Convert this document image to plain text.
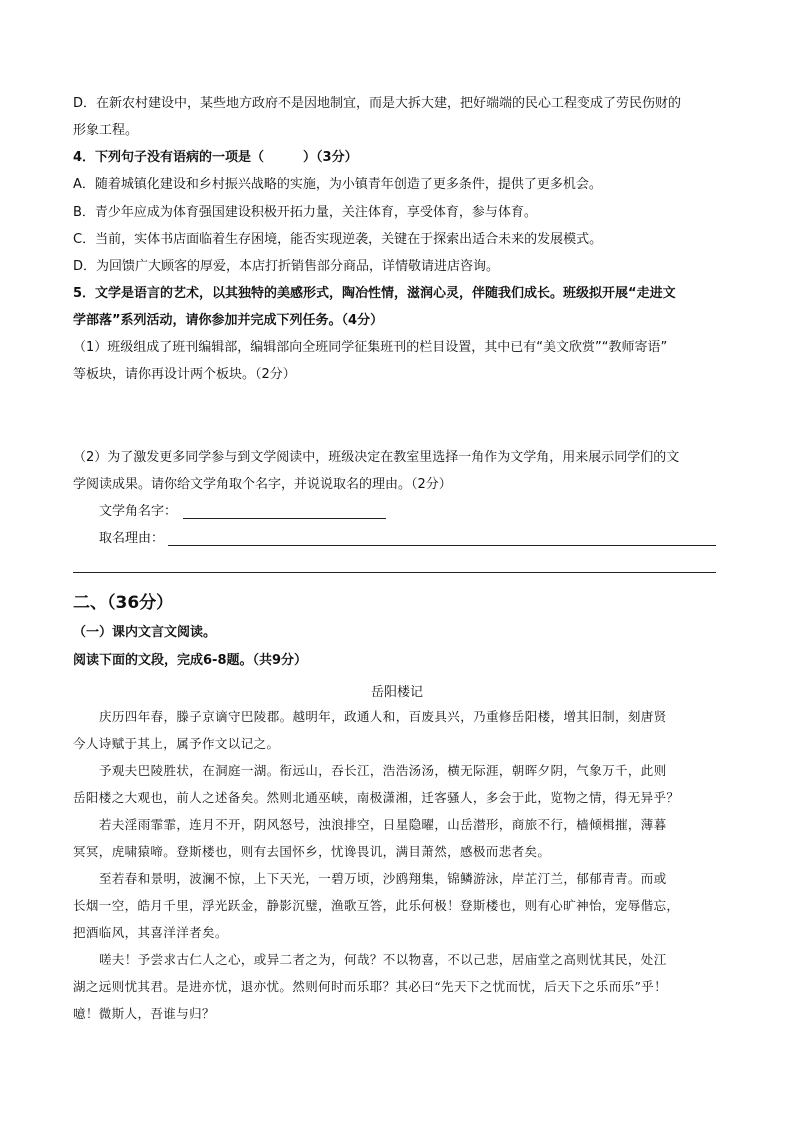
D．在新农村建设中，某些地方政府不是因地制宜，而是大拆大建，把好端端的民心工程变成了劳民伤财的
形象工程。
4．下列句子没有语病的一项是（　　　）（3分）
A．随着城镇化建设和乡村振兴战略的实施，为小镇青年创造了更多条件，提供了更多机会。
B．青少年应成为体育强国建设积极开拓力量，关注体育，享受体育，参与体育。
C．当前，实体书店面临着生存困境，能否实现逆袭，关键在于探索出适合未来的发展模式。
D．为回馈广大顾客的厚爱，本店打折销售部分商品，详情敬请进店咨询。
5．文学是语言的艺术，以其独特的美感形式，陶冶性情，滋润心灵，伴随我们成长。班级拟开展“走进文
学部落”系列活动，请你参加并完成下列任务。（4分）
（1）班级组成了班刊编辑部，编辑部向全班同学征集班刊的栏目设置，其中已有“美文欣赏”“教师寄语”
等板块，请你再设计两个板块。（2分）
（2）为了激发更多同学参与到文学阅读中，班级决定在教室里选择一角作为文学角，用来展示同学们的文
学阅读成果。请你给文学角取个名字，并说说取名的理由。（2分）
文学角名字：
取名理由：
二、（36分）
（一）课内文言文阅读。
阅读下面的文段，完成6-8题。（共9分）
岳阳楼记
庆历四年春，滕子京谪守巴陵郡。越明年，政通人和，百废具兴，乃重修岳阳楼，增其旧制，刻唐贤
今人诗赋于其上，属予作文以记之。
予观夫巴陵胜状，在洞庭一湖。衔远山，吞长江，浩浩汤汤，横无际涯，朝晖夕阴，气象万千，此则
岳阳楼之大观也，前人之述备矣。然则北通巫峡，南极潇湘，迁客骚人，多会于此，览物之情，得无异乎？
若夫淫雨霏霏，连月不开，阴风怒号，浊浪排空，日星隐曜，山岳潜形，商旅不行，樯倾楫摧，薄暮
冥冥，虎啸猿啼。登斯楼也，则有去国怀乡，忧谗畏讥，满目萧然，感极而悲者矣。
至若春和景明，波澜不惊，上下天光，一碧万顷，沙鸥翔集，锦鳞游泳，岸芷汀兰，郁郁青青。而或
长烟一空，皓月千里，浮光跃金，静影沉璧，渔歌互答，此乐何极！登斯楼也，则有心旷神怡，宠辱偕忘，
把酒临风，其喜洋洋者矣。
嗟夫！予尝求古仁人之心，或异二者之为，何哉？不以物喜，不以己悲，居庙堂之高则忧其民，处江
湖之远则忧其君。是进亦忧，退亦忧。然则何时而乐耶？其必曰“先天下之忧而忧，后天下之乐而乐”乎！
噫！微斯人，吾谁与归？
